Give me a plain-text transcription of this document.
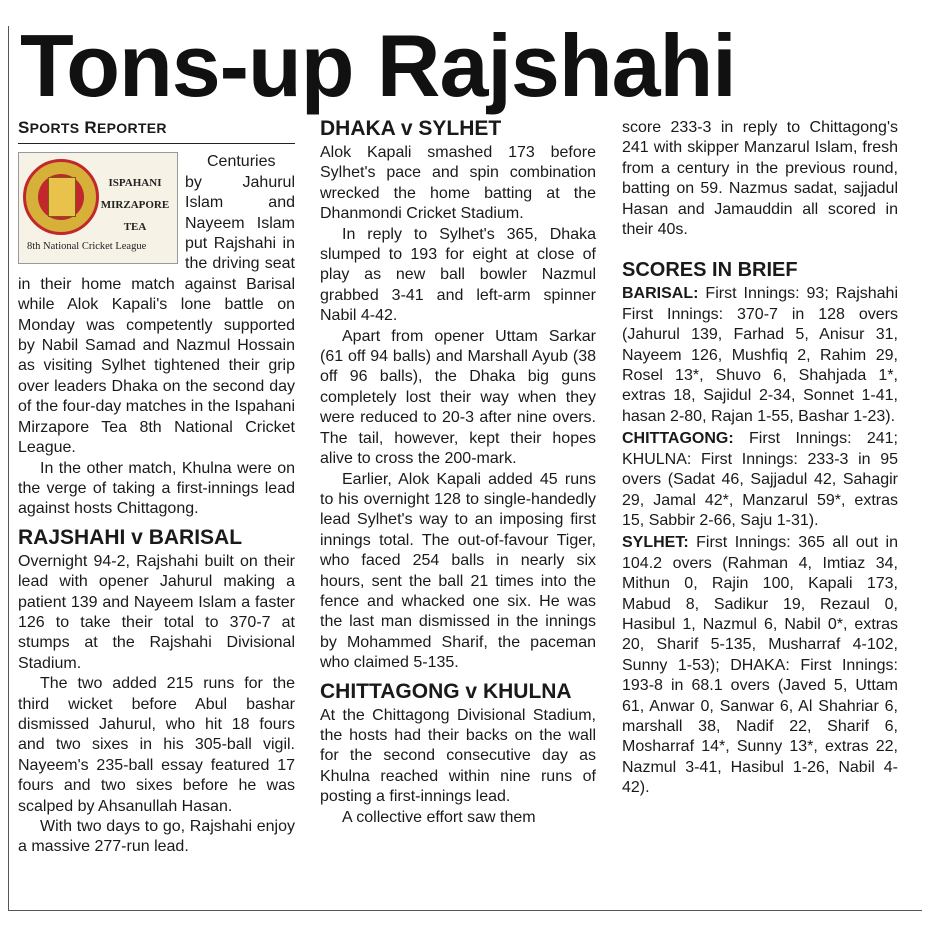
Tons-up Rajshahi
SPORTS REPORTER
ISPAHANI
MIRZAPORE
TEA
8th National Cricket League

Centuries by Jahurul Islam and Nayeem Islam put Rajshahi in the driving seat in their home match against Barisal while Alok Kapali's lone battle on Monday was competently supported by Nabil Samad and Nazmul Hossain as visiting Sylhet tightened their grip over leaders Dhaka on the second day of the four-day matches in the Ispahani Mirzapore Tea 8th National Cricket League.

In the other match, Khulna were on the verge of taking a first-innings lead against hosts Chittagong.

RAJSHAHI v BARISAL

Overnight 94-2, Rajshahi built on their lead with opener Jahurul making a patient 139 and Nayeem Islam a faster 126 to take their total to 370-7 at stumps at the Rajshahi Divisional Stadium.

The two added 215 runs for the third wicket before Abul bashar dismissed Jahurul, who hit 18 fours and two sixes in his 305-ball vigil. Nayeem's 235-ball essay featured 17 fours and two sixes before he was scalped by Ahsanullah Hasan.

With two days to go, Rajshahi enjoy a massive 277-run lead.

DHAKA v SYLHET

Alok Kapali smashed 173 before Sylhet's pace and spin combination wrecked the home batting at the Dhanmondi Cricket Stadium.

In reply to Sylhet's 365, Dhaka slumped to 193 for eight at close of play as new ball bowler Nazmul grabbed 3-41 and left-arm spinner Nabil 4-42.

Apart from opener Uttam Sarkar (61 off 94 balls) and Marshall Ayub (38 off 96 balls), the Dhaka big guns completely lost their way when they were reduced to 20-3 after nine overs. The tail, however, kept their hopes alive to cross the 200-mark.

Earlier, Alok Kapali added 45 runs to his overnight 128 to single-handedly lead Sylhet's way to an imposing first innings total. The out-of-favour Tiger, who faced 254 balls in nearly six hours, sent the ball 21 times into the fence and whacked one six. He was the last man dismissed in the innings by Mohammed Sharif, the paceman who claimed 5-135.

CHITTAGONG v KHULNA

At the Chittagong Divisional Stadium, the hosts had their backs on the wall for the second consecutive day as Khulna reached within nine runs of posting a first-innings lead.

A collective effort saw them

score 233-3 in reply to Chittagong's 241 with skipper Manzarul Islam, fresh from a century in the previous round, batting on 59. Nazmus sadat, sajjadul Hasan and Jamauddin all scored in their 40s.

SCORES IN BRIEF

BARISAL: First Innings: 93; Rajshahi First Innings: 370-7 in 128 overs (Jahurul 139, Farhad 5, Anisur 31, Nayeem 126, Mushfiq 2, Rahim 29, Rosel 13*, Shuvo 6, Shahjada 1*, extras 18, Sajidul 2-34, Sonnet 1-41, hasan 2-80, Rajan 1-55, Bashar 1-23).

CHITTAGONG: First Innings: 241; KHULNA: First Innings: 233-3 in 95 overs (Sadat 46, Sajjadul 42, Sahagir 29, Jamal 42*, Manzarul 59*, extras 15, Sabbir 2-66, Saju 1-31).

SYLHET: First Innings: 365 all out in 104.2 overs (Rahman 4, Imtiaz 34, Mithun 0, Rajin 100, Kapali 173, Mabud 8, Sadikur 19, Rezaul 0, Hasibul 1, Nazmul 6, Nabil 0*, extras 20, Sharif 5-135, Musharraf 4-102, Sunny 1-53); DHAKA: First Innings: 193-8 in 68.1 overs (Javed 5, Uttam 61, Anwar 0, Sanwar 6, Al Shahriar 6, marshall 38, Nadif 22, Sharif 6, Mosharraf 14*, Sunny 13*, extras 22, Nazmul 3-41, Hasibul 1-26, Nabil 4-42).
